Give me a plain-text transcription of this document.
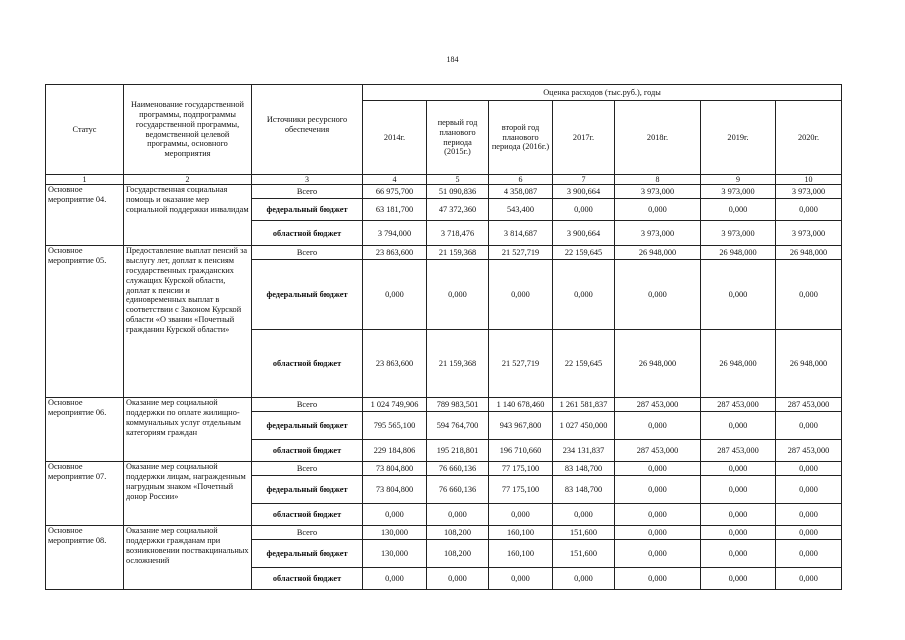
184
Статус	Наименование государственной программы, подпрограммы государственной программы, ведомственной целевой программы, основного мероприятия	Источники ресурсного обеспечения	Оценка расходов (тыс.руб.), годы						
			2014г.	первый год планового периода (2015г.)	второй год планового периода (2016г.)	2017г.	2018г.	2019г.	2020г.
1	2	3	4	5	6	7	8	9	10
Основное мероприятие 04.	Государственная социальная помощь и оказание мер социальной поддержки инвалидам	Всего	66 975,700	51 090,836	4 358,087	3 900,664	3 973,000	3 973,000	3 973,000
		федеральный бюджет	63 181,700	47 372,360	543,400	0,000	0,000	0,000	0,000
		областной бюджет	3 794,000	3 718,476	3 814,687	3 900,664	3 973,000	3 973,000	3 973,000
Основное мероприятие 05.	Предоставление выплат пенсий за выслугу лет, доплат к пенсиям государственных гражданских служащих Курской области, доплат к пенсии и единовременных выплат в соответствии с Законом Курской области «О звании «Почетный гражданин Курской области»	Всего	23 863,600	21 159,368	21 527,719	22 159,645	26 948,000	26 948,000	26 948,000
		федеральный бюджет	0,000	0,000	0,000	0,000	0,000	0,000	0,000
		областной бюджет	23 863,600	21 159,368	21 527,719	22 159,645	26 948,000	26 948,000	26 948,000
Основное мероприятие 06.	Оказание мер социальной поддержки по оплате жилищно-коммунальных услуг отдельным категориям граждан	Всего	1 024 749,906	789 983,501	1 140 678,460	1 261 581,837	287 453,000	287 453,000	287 453,000
		федеральный бюджет	795 565,100	594 764,700	943 967,800	1 027 450,000	0,000	0,000	0,000
		областной бюджет	229 184,806	195 218,801	196 710,660	234 131,837	287 453,000	287 453,000	287 453,000
Основное мероприятие 07.	Оказание мер социальной поддержки лицам, награжденным нагрудным знаком «Почетный донор России»	Всего	73 804,800	76 660,136	77 175,100	83 148,700	0,000	0,000	0,000
		федеральный бюджет	73 804,800	76 660,136	77 175,100	83 148,700	0,000	0,000	0,000
		областной бюджет	0,000	0,000	0,000	0,000	0,000	0,000	0,000
Основное мероприятие 08.	Оказание мер социальной поддержки гражданам при возникновении поствакцинальных осложнений	Всего	130,000	108,200	160,100	151,600	0,000	0,000	0,000
		федеральный бюджет	130,000	108,200	160,100	151,600	0,000	0,000	0,000
		областной бюджет	0,000	0,000	0,000	0,000	0,000	0,000	0,000
